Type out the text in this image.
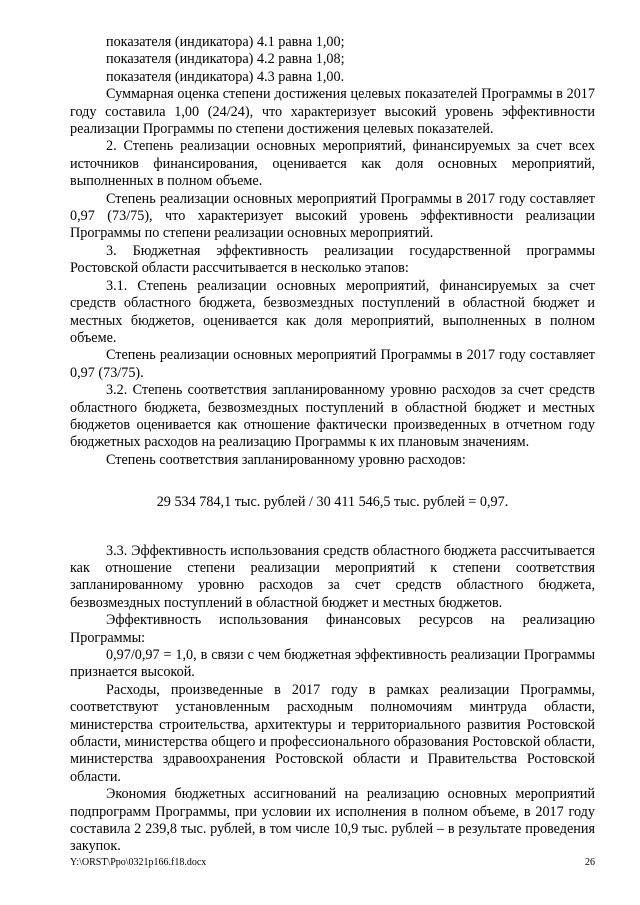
показателя (индикатора) 4.1 равна 1,00;

показателя (индикатора) 4.2 равна 1,08;

показателя (индикатора) 4.3 равна 1,00.

Суммарная оценка степени достижения целевых показателей Программы в 2017 году составила 1,00 (24/24), что характеризует высокий уровень эффективности реализации Программы по степени достижения целевых показателей.

2. Степень реализации основных мероприятий, финансируемых за счет всех источников финансирования, оценивается как доля основных мероприятий, выполненных в полном объеме.

Степень реализации основных мероприятий Программы в 2017 году составляет 0,97 (73/75), что характеризует высокий уровень эффективности реализации Программы по степени реализации основных мероприятий.

3. Бюджетная эффективность реализации государственной программы Ростовской области рассчитывается в несколько этапов:

3.1. Степень реализации основных мероприятий, финансируемых за счет средств областного бюджета, безвозмездных поступлений в областной бюджет и местных бюджетов, оценивается как доля мероприятий, выполненных в полном объеме.

Степень реализации основных мероприятий Программы в 2017 году составляет 0,97 (73/75).

3.2. Степень соответствия запланированному уровню расходов за счет средств областного бюджета, безвозмездных поступлений в областной бюджет и местных бюджетов оценивается как отношение фактически произведенных в отчетном году бюджетных расходов на реализацию Программы к их плановым значениям.

Степень соответствия запланированному уровню расходов:

29 534 784,1 тыс. рублей / 30 411 546,5 тыс. рублей = 0,97.

3.3. Эффективность использования средств областного бюджета рассчитывается как отношение степени реализации мероприятий к степени соответствия запланированному уровню расходов за счет средств областного бюджета, безвозмездных поступлений в областной бюджет и местных бюджетов.

Эффективность использования финансовых ресурсов на реализацию Программы:

0,97/0,97 = 1,0, в связи с чем бюджетная эффективность реализации Программы признается высокой.

Расходы, произведенные в 2017 году в рамках реализации Программы, соответствуют установленным расходным полномочиям минтруда области, министерства строительства, архитектуры и территориального развития Ростовской области, министерства общего и профессионального образования Ростовской области, министерства здравоохранения Ростовской области и Правительства Ростовской области.

Экономия бюджетных ассигнований на реализацию основных мероприятий подпрограмм Программы, при условии их исполнения в полном объеме, в 2017 году составила 2 239,8 тыс. рублей, в том числе 10,9 тыс. рублей – в результате проведения закупок.

Y:\ORST\Ppo\0321p166.f18.docx	26
